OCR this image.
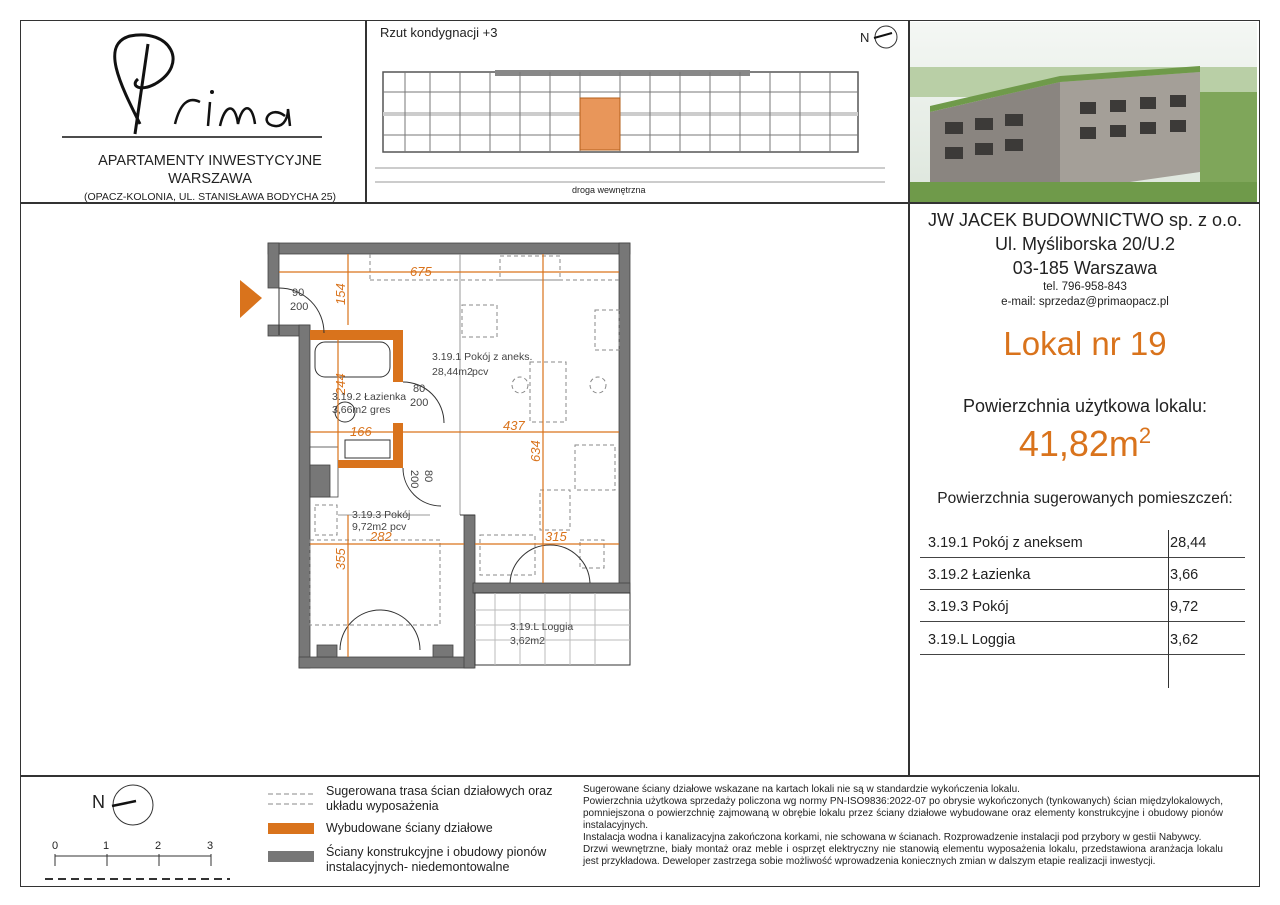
APARTAMENTY INWESTYCYJNE
WARSZAWA
(OPACZ-KOLONIA, UL. STANISŁAWA BODYCHA 25)
Rzut kondygnacji +3	N
droga wewnętrzna
JW JACEK BUDOWNICTWO sp. z o.o.
Ul. Myśliborska 20/U.2
03-185 Warszawa
tel. 796-958-843
e-mail: sprzedaz@primaopacz.pl
Lokal nr 19
Powierzchnia użytkowa lokalu:
$41,82m^2$
Powierzchnia sugerowanych pomieszczeń:
3.19.1 Pokój z aneksem	28,44
3.19.2 Łazienka	3,66
3.19.3 Pokój	9,72
3.19.L Loggia	3,62
675
154
244
166	437
634
282	315
355
90
200
80
200
80
200
3.19.1 Pokój z aneks.
28,44m2 pcv
3.19.2 Łazienka
3,66m2 gres
3.19.3 Pokój
9,72m2 pcv
3.19.L Loggia
3,62m2
N
0	1	2	3
Sugerowana trasa ścian działowych oraz układu wyposażenia
Wybudowane ściany działowe
Ściany konstrukcyjne i obudowy pionów instalacyjnych- niedemontowalne

Sugerowane ściany działowe wskazane na kartach lokali nie są w standardzie wykończenia lokalu.

Powierzchnia użytkowa sprzedaży policzona wg normy PN-ISO9836:2022-07 po obrysie wykończonych (tynkowanych) ścian międzylokalowych, pomniejszona o powierzchnię zajmowaną w obrębie lokalu przez ściany działowe wybudowane oraz elementy konstrukcyjne i obudowy pionów instalacyjnych.

Instalacja wodna i kanalizacyjna zakończona korkami, nie schowana w ścianach. Rozprowadzenie instalacji pod przybory w gestii Nabywcy.

Drzwi wewnętrzne, biały montaż oraz meble i osprzęt elektryczny nie stanowią elementu wyposażenia lokalu, przedstawiona aranżacja lokalu jest przykładowa. Deweloper zastrzega sobie możliwość wprowadzenia koniecznych zmian w dalszym etapie realizacji inwestycji.
